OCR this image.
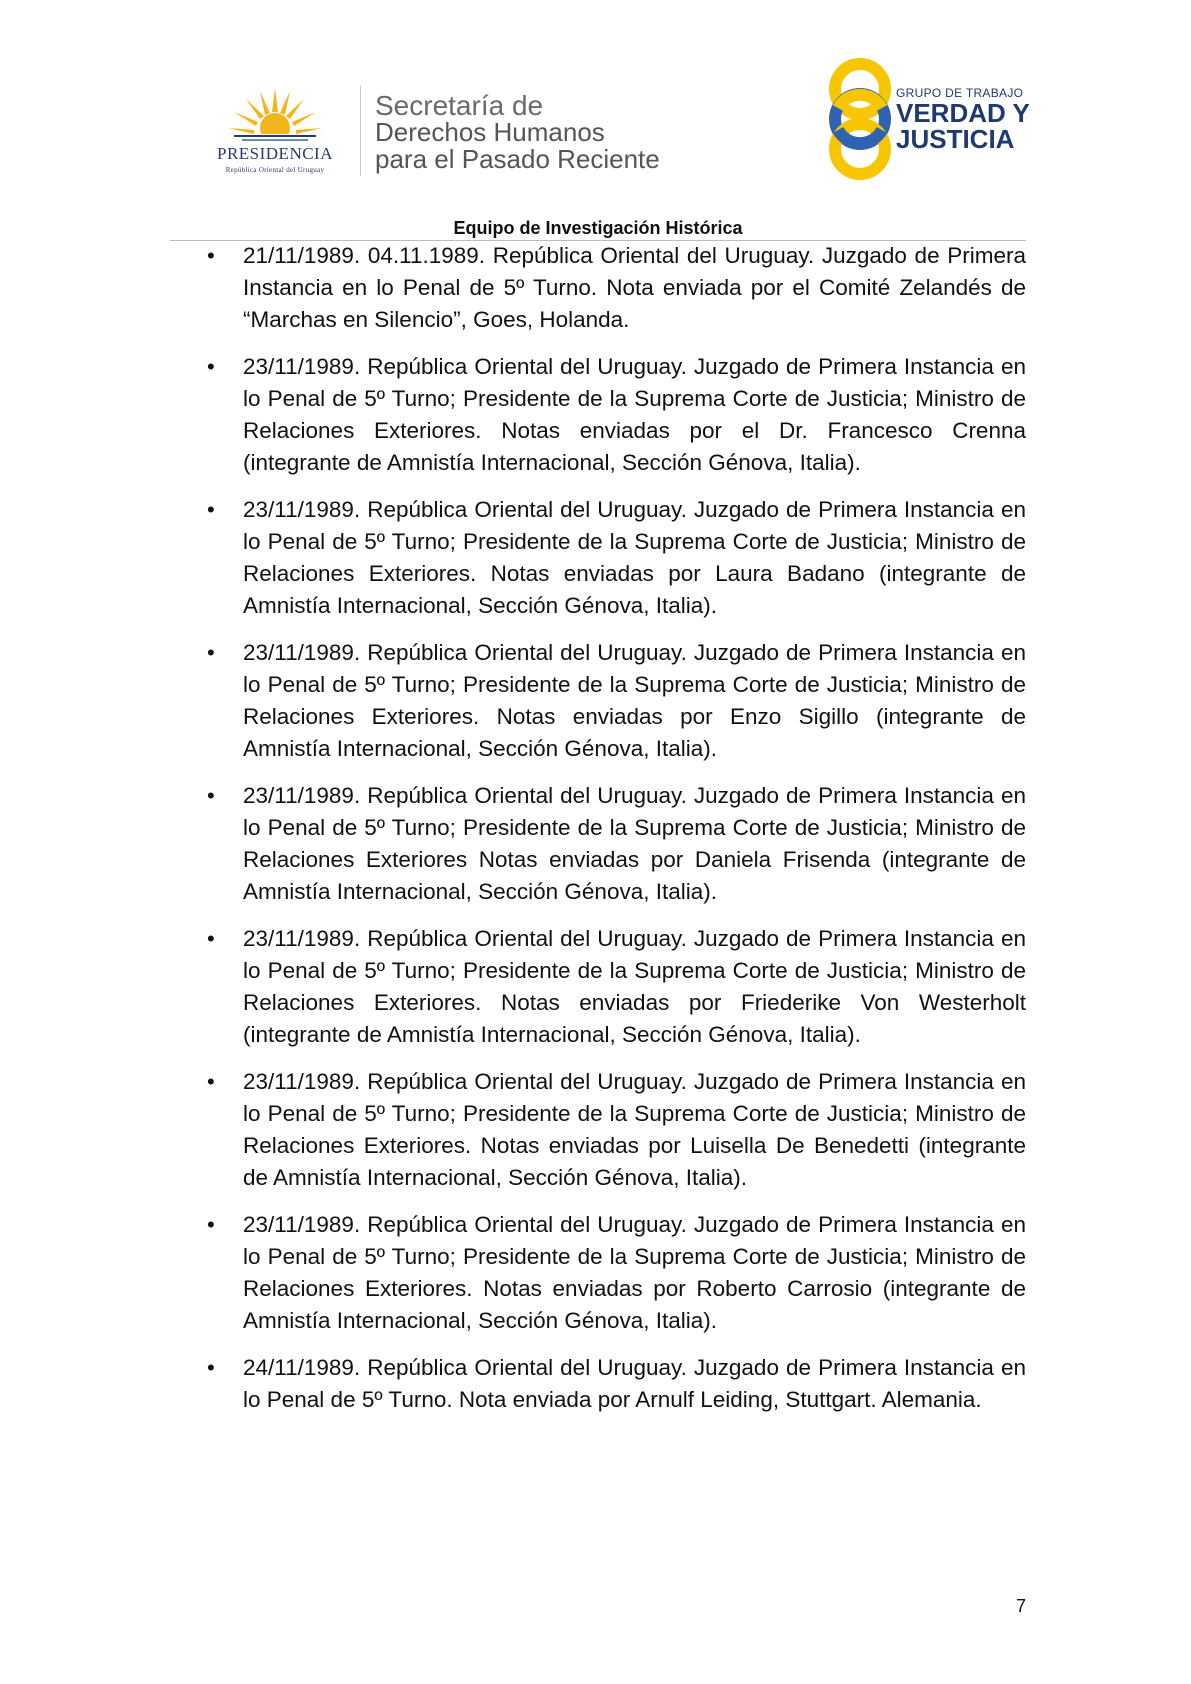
PRESIDENCIA
República Oriental del Uruguay
Secretaría de
Derechos Humanos
para el Pasado Reciente
GRUPO DE TRABAJO
VERDAD Y
JUSTICIA
Equipo de Investigación Histórica
• 21/11/1989. 04.11.1989. República Oriental del Uruguay. Juzgado de Primera Instancia en lo Penal de 5º Turno. Nota enviada por el Comité Zelandés de “Marchas en Silencio”, Goes, Holanda.
• 23/11/1989. República Oriental del Uruguay. Juzgado de Primera Instancia en lo Penal de 5º Turno; Presidente de la Suprema Corte de Justicia; Ministro de Relaciones Exteriores. Notas enviadas por el Dr. Francesco Crenna (integrante de Amnistía Internacional, Sección Génova, Italia).
• 23/11/1989. República Oriental del Uruguay. Juzgado de Primera Instancia en lo Penal de 5º Turno; Presidente de la Suprema Corte de Justicia; Ministro de Relaciones Exteriores. Notas enviadas por Laura Badano (integrante de Amnistía Internacional, Sección Génova, Italia).
• 23/11/1989. República Oriental del Uruguay. Juzgado de Primera Instancia en lo Penal de 5º Turno; Presidente de la Suprema Corte de Justicia; Ministro de Relaciones Exteriores. Notas enviadas por Enzo Sigillo (integrante de Amnistía Internacional, Sección Génova, Italia).
• 23/11/1989. República Oriental del Uruguay. Juzgado de Primera Instancia en lo Penal de 5º Turno; Presidente de la Suprema Corte de Justicia; Ministro de Relaciones Exteriores Notas enviadas por Daniela Frisenda (integrante de Amnistía Internacional, Sección Génova, Italia).
• 23/11/1989. República Oriental del Uruguay. Juzgado de Primera Instancia en lo Penal de 5º Turno; Presidente de la Suprema Corte de Justicia; Ministro de Relaciones Exteriores. Notas enviadas por Friederike Von Westerholt (integrante de Amnistía Internacional, Sección Génova, Italia).
• 23/11/1989. República Oriental del Uruguay. Juzgado de Primera Instancia en lo Penal de 5º Turno; Presidente de la Suprema Corte de Justicia; Ministro de Relaciones Exteriores. Notas enviadas por Luisella De Benedetti (integrante de Amnistía Internacional, Sección Génova, Italia).
• 23/11/1989. República Oriental del Uruguay. Juzgado de Primera Instancia en lo Penal de 5º Turno; Presidente de la Suprema Corte de Justicia; Ministro de Relaciones Exteriores. Notas enviadas por Roberto Carrosio (integrante de Amnistía Internacional, Sección Génova, Italia).
• 24/11/1989. República Oriental del Uruguay. Juzgado de Primera Instancia en lo Penal de 5º Turno. Nota enviada por Arnulf Leiding, Stuttgart. Alemania.
7
